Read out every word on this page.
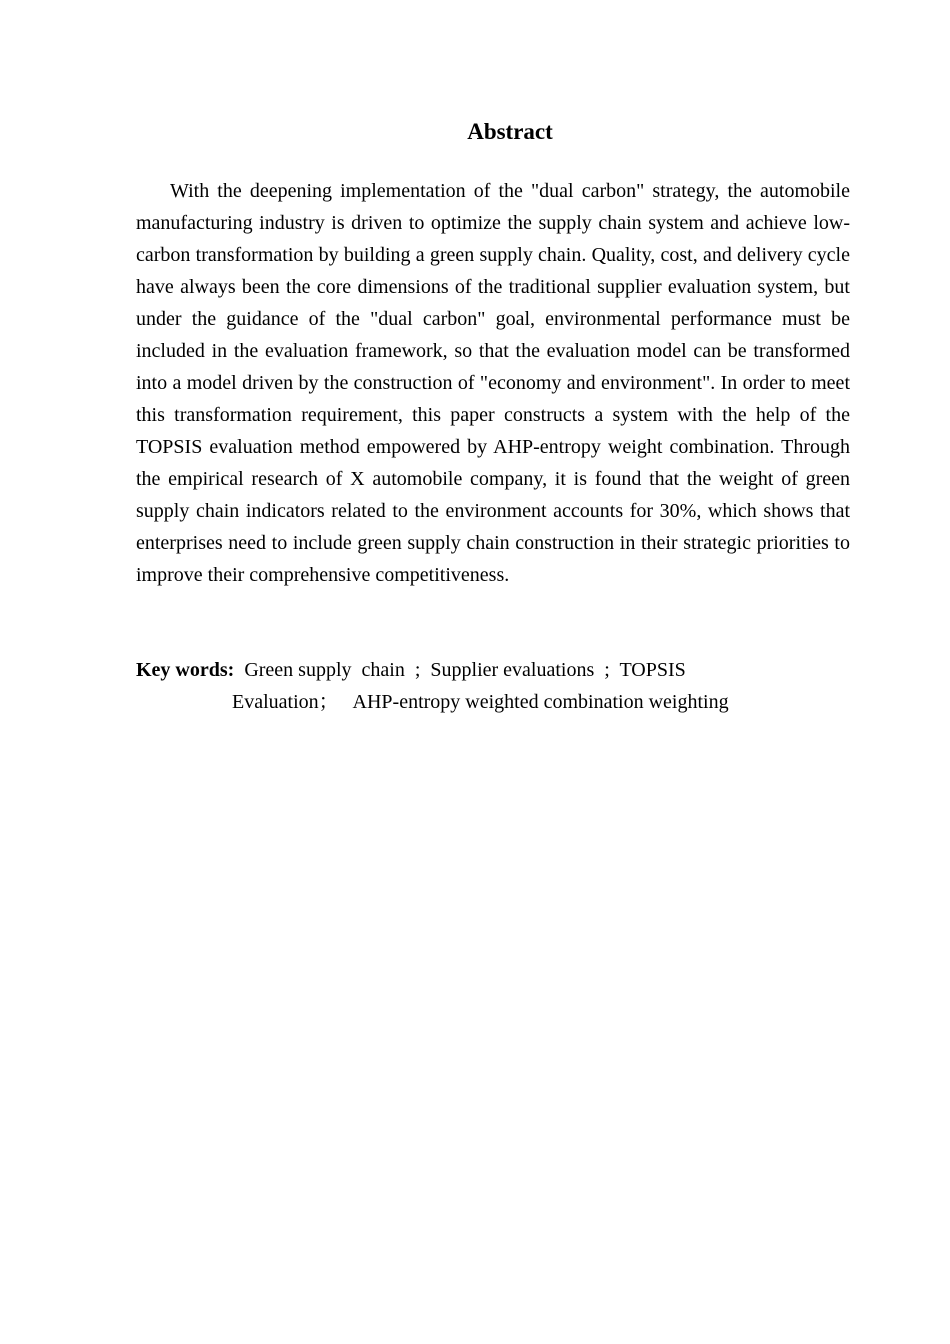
Abstract

With the deepening implementation of the "dual carbon" strategy, the automobile manufacturing industry is driven to optimize the supply chain system and achieve low-carbon transformation by building a green supply chain. Quality, cost, and delivery cycle have always been the core dimensions of the traditional supplier evaluation system, but under the guidance of the "dual carbon" goal, environmental performance must be included in the evaluation framework, so that the evaluation model can be transformed into a model driven by the construction of "economy and environment". In order to meet this transformation requirement, this paper constructs a system with the help of the TOPSIS evaluation method empowered by AHP-entropy weight combination. Through the empirical research of X automobile company, it is found that the weight of green supply chain indicators related to the environment accounts for 30%, which shows that enterprises need to include green supply chain construction in their strategic priorities to improve their comprehensive competitiveness.

Key words:  Green supply  chain  ;  Supplier evaluations  ;  TOPSIS
Evaluation；   AHP-entropy weighted combination weighting
